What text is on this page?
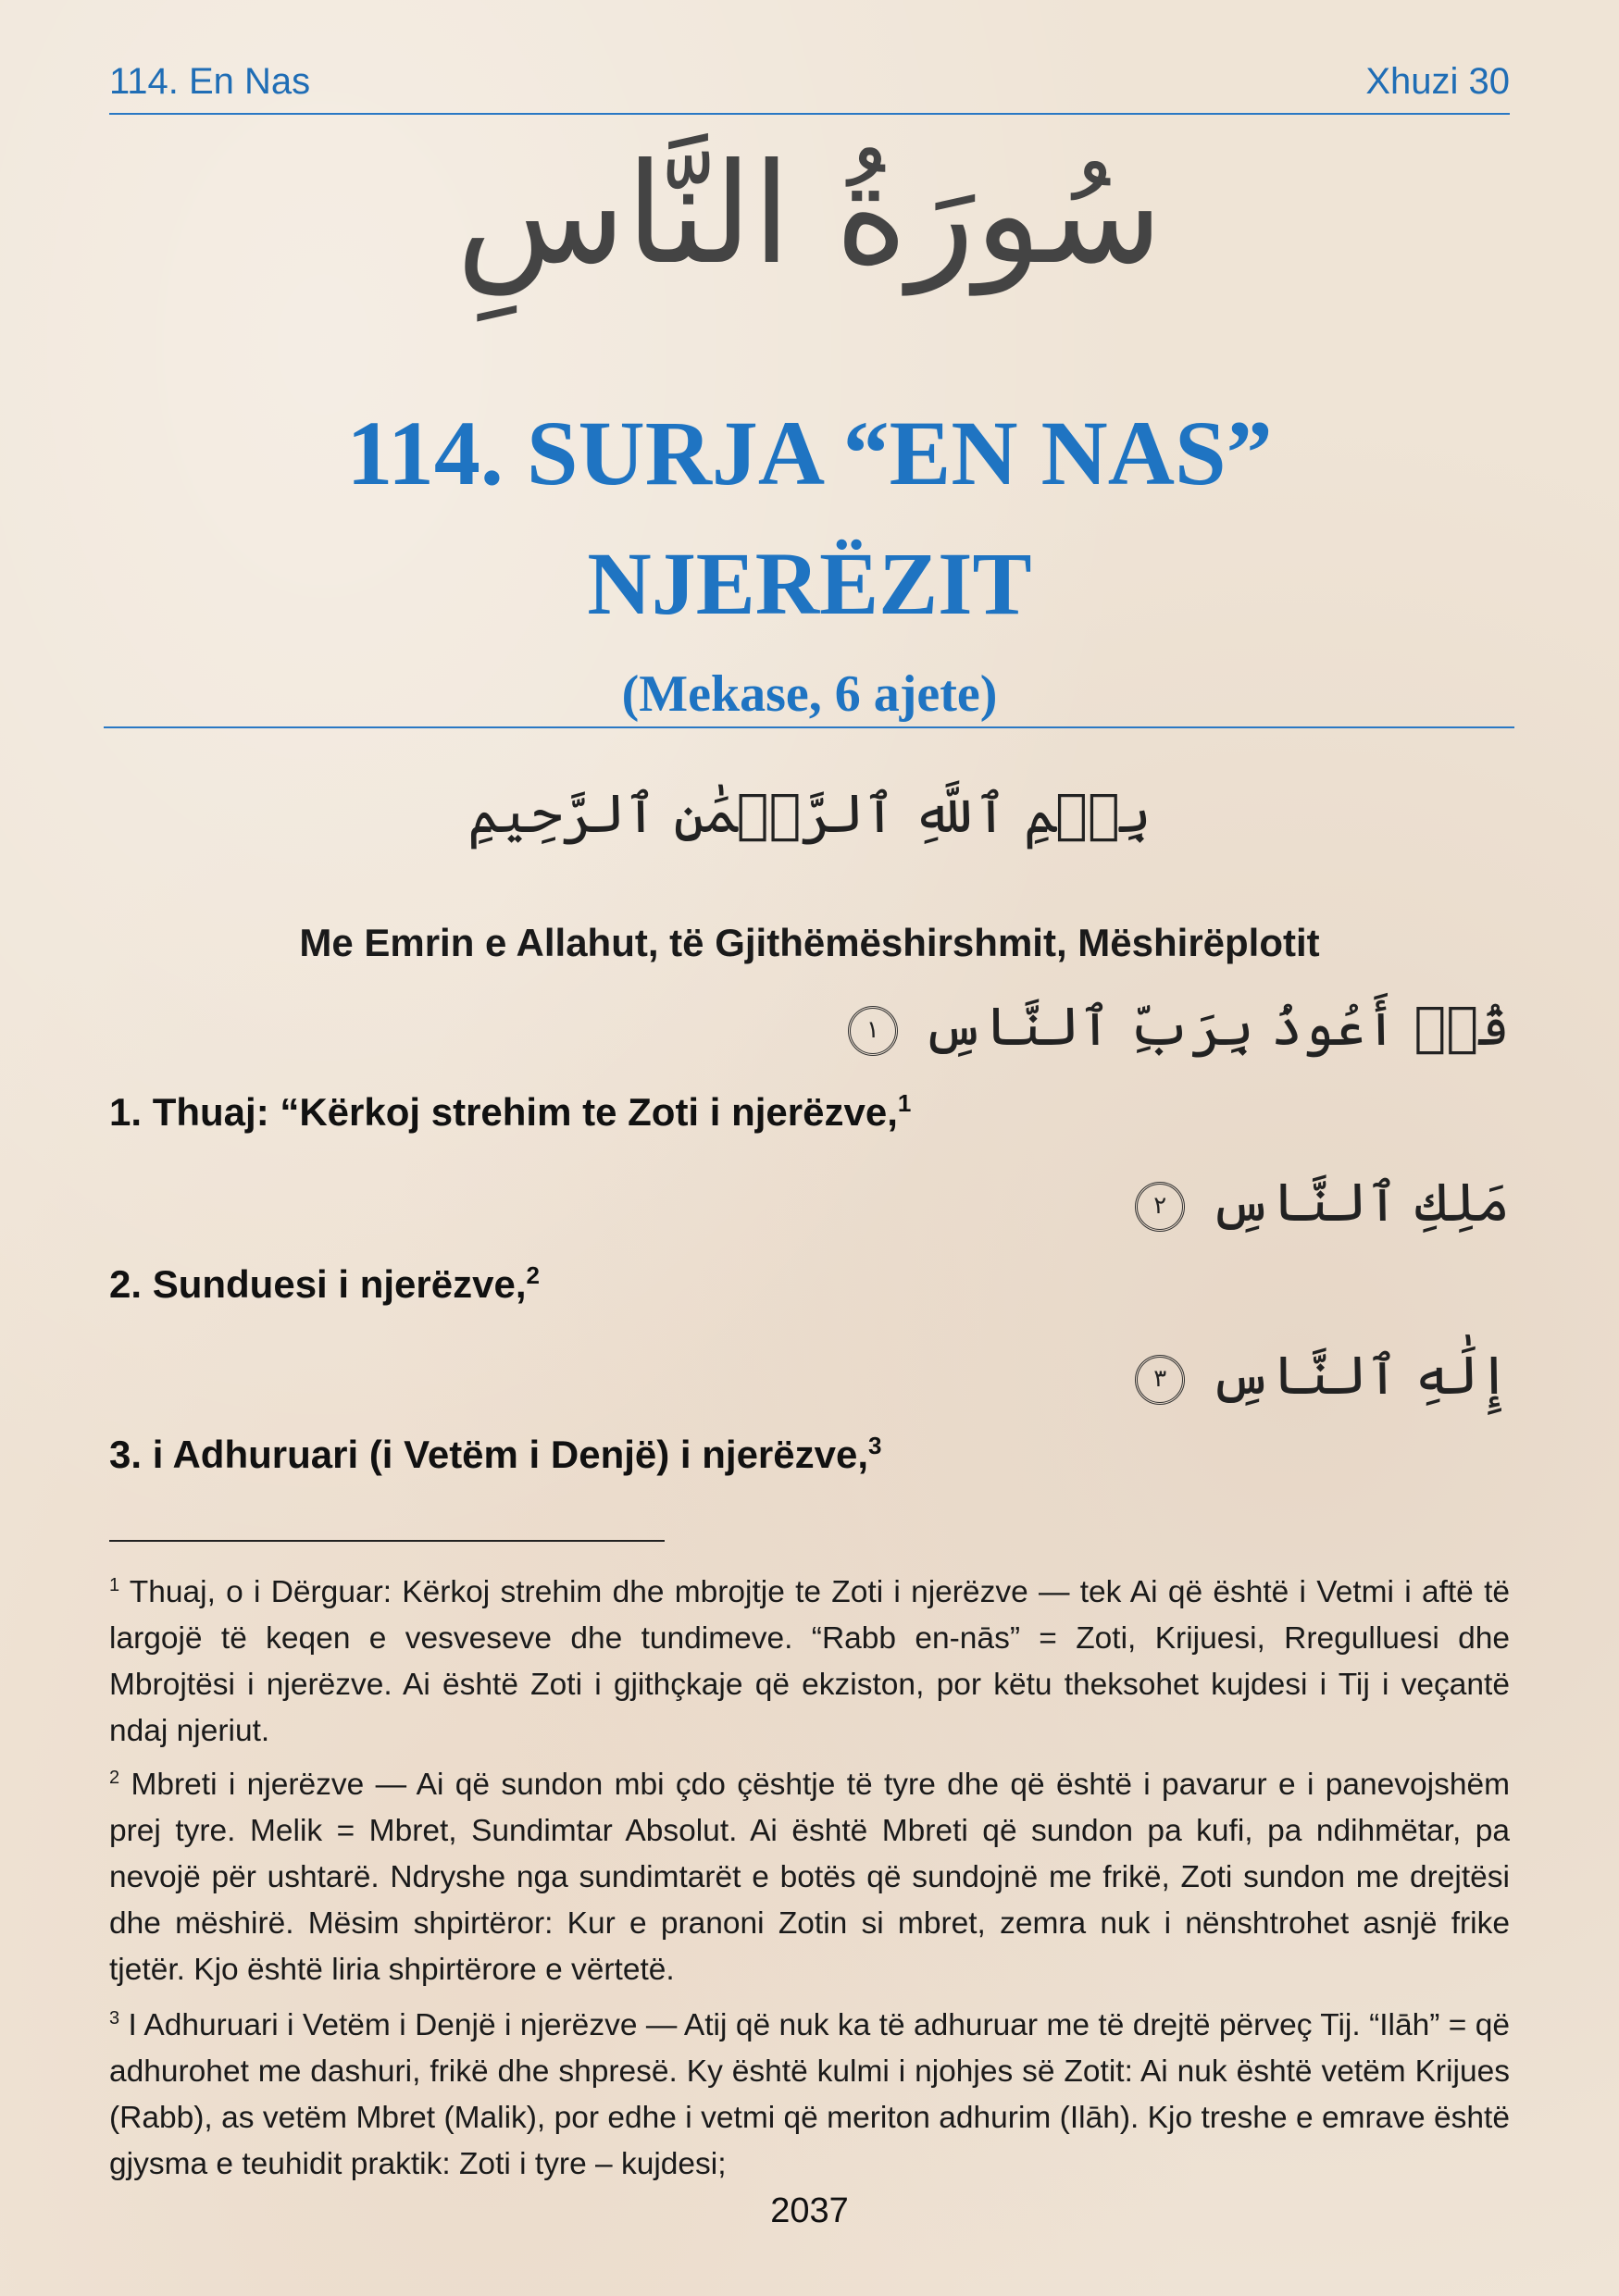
114. En Nas	Xhuzi 30
سُورَةُ النَّاسِ
114. SURJA “EN NAS”
NJERËZIT
(Mekase, 6 ajete)
بِسۡمِ ٱللَّهِ ٱلرَّحۡمَٰنِ ٱلرَّحِيمِ
Me Emrin e Allahut, të Gjithëmëshirshmit, Mëshirëplotit
قُلۡ أَعُوذُ بِرَبِّ ٱلنَّاسِ ١
1. Thuaj: “Kërkoj strehim te Zoti i njerëzve,$^1$
مَلِكِ ٱلنَّاسِ ٢
2. Sunduesi i njerëzve,$^2$
إِلَٰهِ ٱلنَّاسِ ٣
3. i Adhuruari (i Vetëm i Denjë) i njerëzve,$^3$
$^1$ Thuaj, o i Dërguar: Kërkoj strehim dhe mbrojtje te Zoti i njerëzve — tek Ai që është i Vetmi i aftë të largojë të keqen e vesveseve dhe tundimeve. “Rabb en-nās” = Zoti, Krijuesi, Rregulluesi dhe Mbrojtësi i njerëzve. Ai është Zoti i gjithçkaje që ekziston, por këtu theksohet kujdesi i Tij i veçantë ndaj njeriut.
$^2$ Mbreti i njerëzve — Ai që sundon mbi çdo çështje të tyre dhe që është i pavarur e i panevojshëm prej tyre. Melik = Mbret, Sundimtar Absolut. Ai është Mbreti që sundon pa kufi, pa ndihmëtar, pa nevojë për ushtarë. Ndryshe nga sundimtarët e botës që sundojnë me frikë, Zoti sundon me drejtësi dhe mëshirë. Mësim shpirtëror: Kur e pranoni Zotin si mbret, zemra nuk i nënshtrohet asnjë frike tjetër. Kjo është liria shpirtërore e vërtetë.
$^3$ I Adhuruari i Vetëm i Denjë i njerëzve — Atij që nuk ka të adhuruar me të drejtë përveç Tij. “Ilāh” = që adhurohet me dashuri, frikë dhe shpresë. Ky është kulmi i njohjes së Zotit: Ai nuk është vetëm Krijues (Rabb), as vetëm Mbret (Malik), por edhe i vetmi që meriton adhurim (Ilāh). Kjo treshe e emrave është gjysma e teuhidit praktik: Zoti i tyre – kujdesi;
2037
